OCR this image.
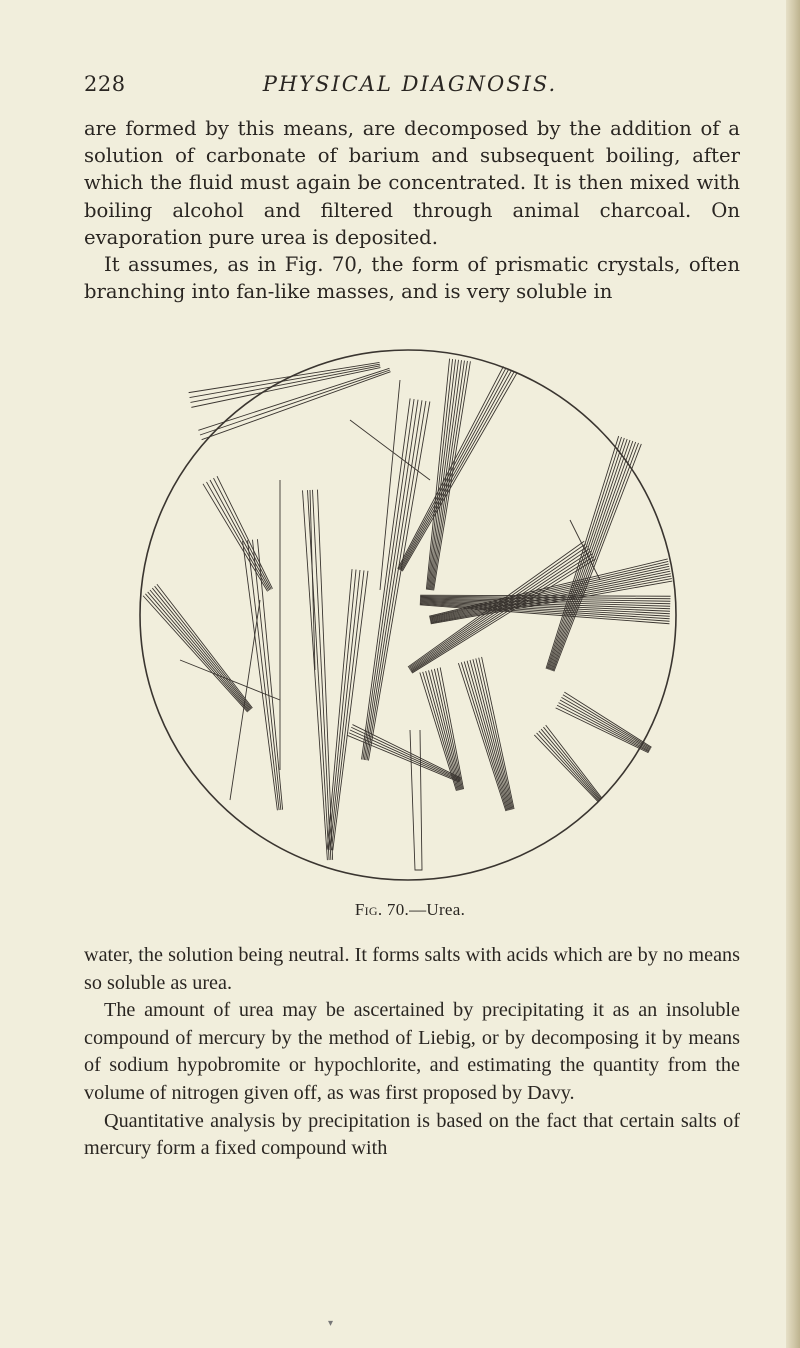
228	PHYSICAL DIAGNOSIS.

are formed by this means, are decomposed by the addition of a solution of carbonate of barium and subsequent boiling, after which the fluid must again be concentrated. It is then mixed with boiling alcohol and filtered through animal charcoal. On evaporation pure urea is deposited.

It assumes, as in Fig. 70, the form of prismatic crystals, often branching into fan-like masses, and is very soluble in

Fig. 70.—Urea.

water, the solution being neutral. It forms salts with acids which are by no means so soluble as urea.

The amount of urea may be ascertained by precipitating it as an insoluble compound of mercury by the method of Liebig, or by decomposing it by means of sodium hypobromite or hypochlorite, and estimating the quantity from the volume of nitrogen given off, as was first proposed by Davy.

Quantitative analysis by precipitation is based on the fact that certain salts of mercury form a fixed compound with

▾
